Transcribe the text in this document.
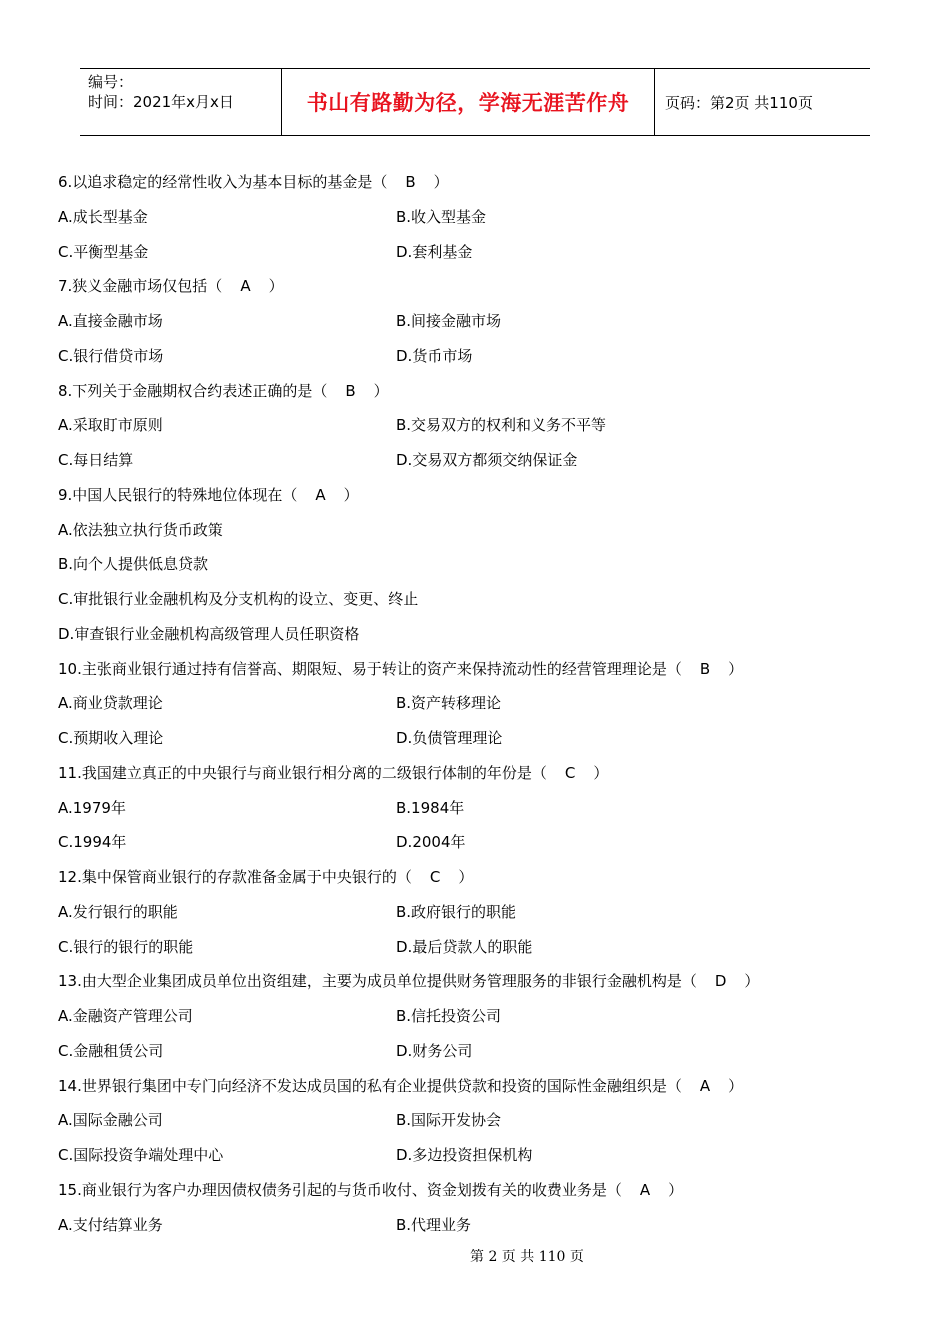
编号：
时间：2021年x月x日	书山有路勤为径，学海无涯苦作舟 页码：第2页 共110页
6.以追求稳定的经常性收入为基本目标的基金是（ B ）
A.成长型基金	B.收入型基金
C.平衡型基金	D.套利基金
7.狭义金融市场仅包括（ A ）
A.直接金融市场	B.间接金融市场
C.银行借贷市场	D.货币市场
8.下列关于金融期权合约表述正确的是（ B ）
A.采取盯市原则	B.交易双方的权利和义务不平等
C.每日结算	D.交易双方都须交纳保证金
9.中国人民银行的特殊地位体现在（ A ）
A.依法独立执行货币政策
B.向个人提供低息贷款
C.审批银行业金融机构及分支机构的设立、变更、终止
D.审查银行业金融机构高级管理人员任职资格
10.主张商业银行通过持有信誉高、期限短、易于转让的资产来保持流动性的经营管理理论是（ B ）
A.商业贷款理论	B.资产转移理论
C.预期收入理论	D.负债管理理论
11.我国建立真正的中央银行与商业银行相分离的二级银行体制的年份是（ C ）
A.1979年	B.1984年
C.1994年	D.2004年
12.集中保管商业银行的存款准备金属于中央银行的（ C ）
A.发行银行的职能	B.政府银行的职能
C.银行的银行的职能	D.最后贷款人的职能
13.由大型企业集团成员单位出资组建，主要为成员单位提供财务管理服务的非银行金融机构是（ D ）
A.金融资产管理公司	B.信托投资公司
C.金融租赁公司	D.财务公司
14.世界银行集团中专门向经济不发达成员国的私有企业提供贷款和投资的国际性金融组织是（ A ）
A.国际金融公司	B.国际开发协会
C.国际投资争端处理中心	D.多边投资担保机构
15.商业银行为客户办理因债权债务引起的与货币收付、资金划拨有关的收费业务是（ A ）
A.支付结算业务	B.代理业务
第 2 页 共 110 页
